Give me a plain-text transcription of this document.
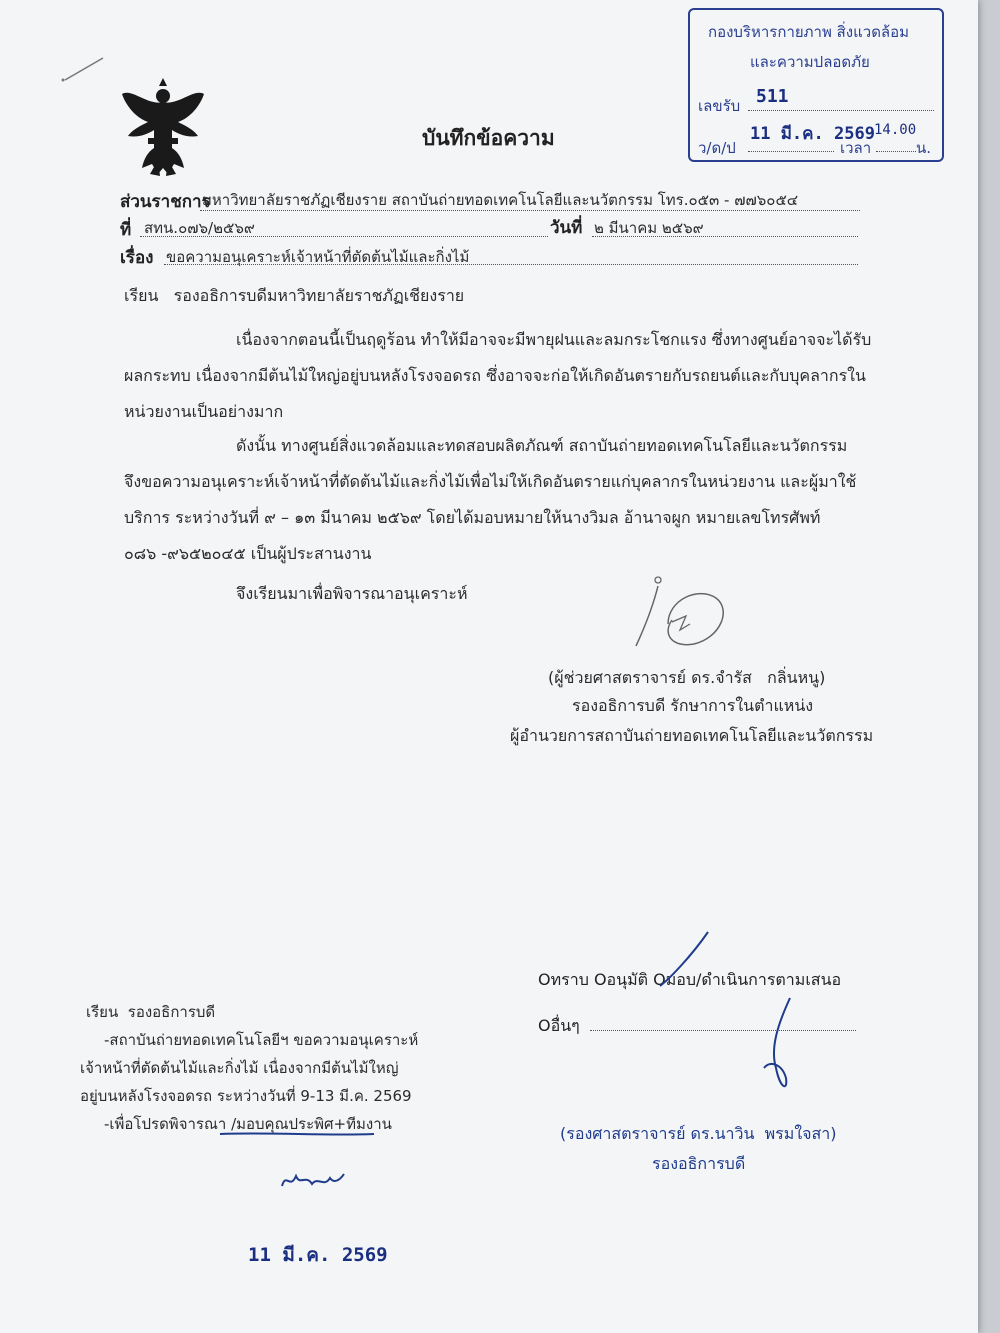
บันทึกข้อความ
กองบริหารกายภาพ สิ่งแวดล้อม
และความปลอดภัย
เลขรับ 511
ว/ด/ป
11 มี.ค. 2569
เวลา
14.00
น.
ส่วนราชการ
มหาวิทยาลัยราชภัฏเชียงราย สถาบันถ่ายทอดเทคโนโลยีและนวัตกรรม โทร.๐๕๓ - ๗๗๖๐๕๔
ที่ สทน.๐๗๖/๒๕๖๙	วันที่ ๒ มีนาคม ๒๕๖๙
เรื่อง ขอความอนุเคราะห์เจ้าหน้าที่ตัดต้นไม้และกิ่งไม้
เรียน   รองอธิการบดีมหาวิทยาลัยราชภัฏเชียงราย
เนื่องจากตอนนี้เป็นฤดูร้อน ทำให้มีอาจจะมีพายุฝนและลมกระโชกแรง ซึ่งทางศูนย์อาจจะได้รับ
ผลกระทบ เนื่องจากมีต้นไม้ใหญ่อยู่บนหลังโรงจอดรถ ซึ่งอาจจะก่อให้เกิดอันตรายกับรถยนต์และกับบุคลากรใน
หน่วยงานเป็นอย่างมาก
ดังนั้น ทางศูนย์สิ่งแวดล้อมและทดสอบผลิตภัณฑ์ สถาบันถ่ายทอดเทคโนโลยีและนวัตกรรม
จึงขอความอนุเคราะห์เจ้าหน้าที่ตัดต้นไม้และกิ่งไม้เพื่อไม่ให้เกิดอันตรายแก่บุคลากรในหน่วยงาน และผู้มาใช้
บริการ ระหว่างวันที่ ๙ – ๑๓ มีนาคม ๒๕๖๙ โดยได้มอบหมายให้นางวิมล อ้านาจผูก หมายเลขโทรศัพท์
๐๘๖ -๙๖๕๒๐๔๕ เป็นผู้ประสานงาน
จึงเรียนมาเพื่อพิจารณาอนุเคราะห์
(ผู้ช่วยศาสตราจารย์ ดร.จำรัส   กลิ่นหนู)
รองอธิการบดี รักษาการในตำแหน่ง
ผู้อำนวยการสถาบันถ่ายทอดเทคโนโลยีและนวัตกรรม
Oทราบ Oอนุมัติ Oมอบ/ดำเนินการตามเสนอ
Oอื่นๆ
(รองศาสตราจารย์ ดร.นาวิน  พรมใจสา)
รองอธิการบดี
เรียน  รองอธิการบดี
-สถาบันถ่ายทอดเทคโนโลยีฯ ขอความอนุเคราะห์
เจ้าหน้าที่ตัดต้นไม้และกิ่งไม้ เนื่องจากมีต้นไม้ใหญ่
อยู่บนหลังโรงจอดรถ ระหว่างวันที่ 9-13 มี.ค. 2569
-เพื่อโปรดพิจารณา /มอบคุณประพิศ+ทีมงาน
11 มี.ค. 2569
